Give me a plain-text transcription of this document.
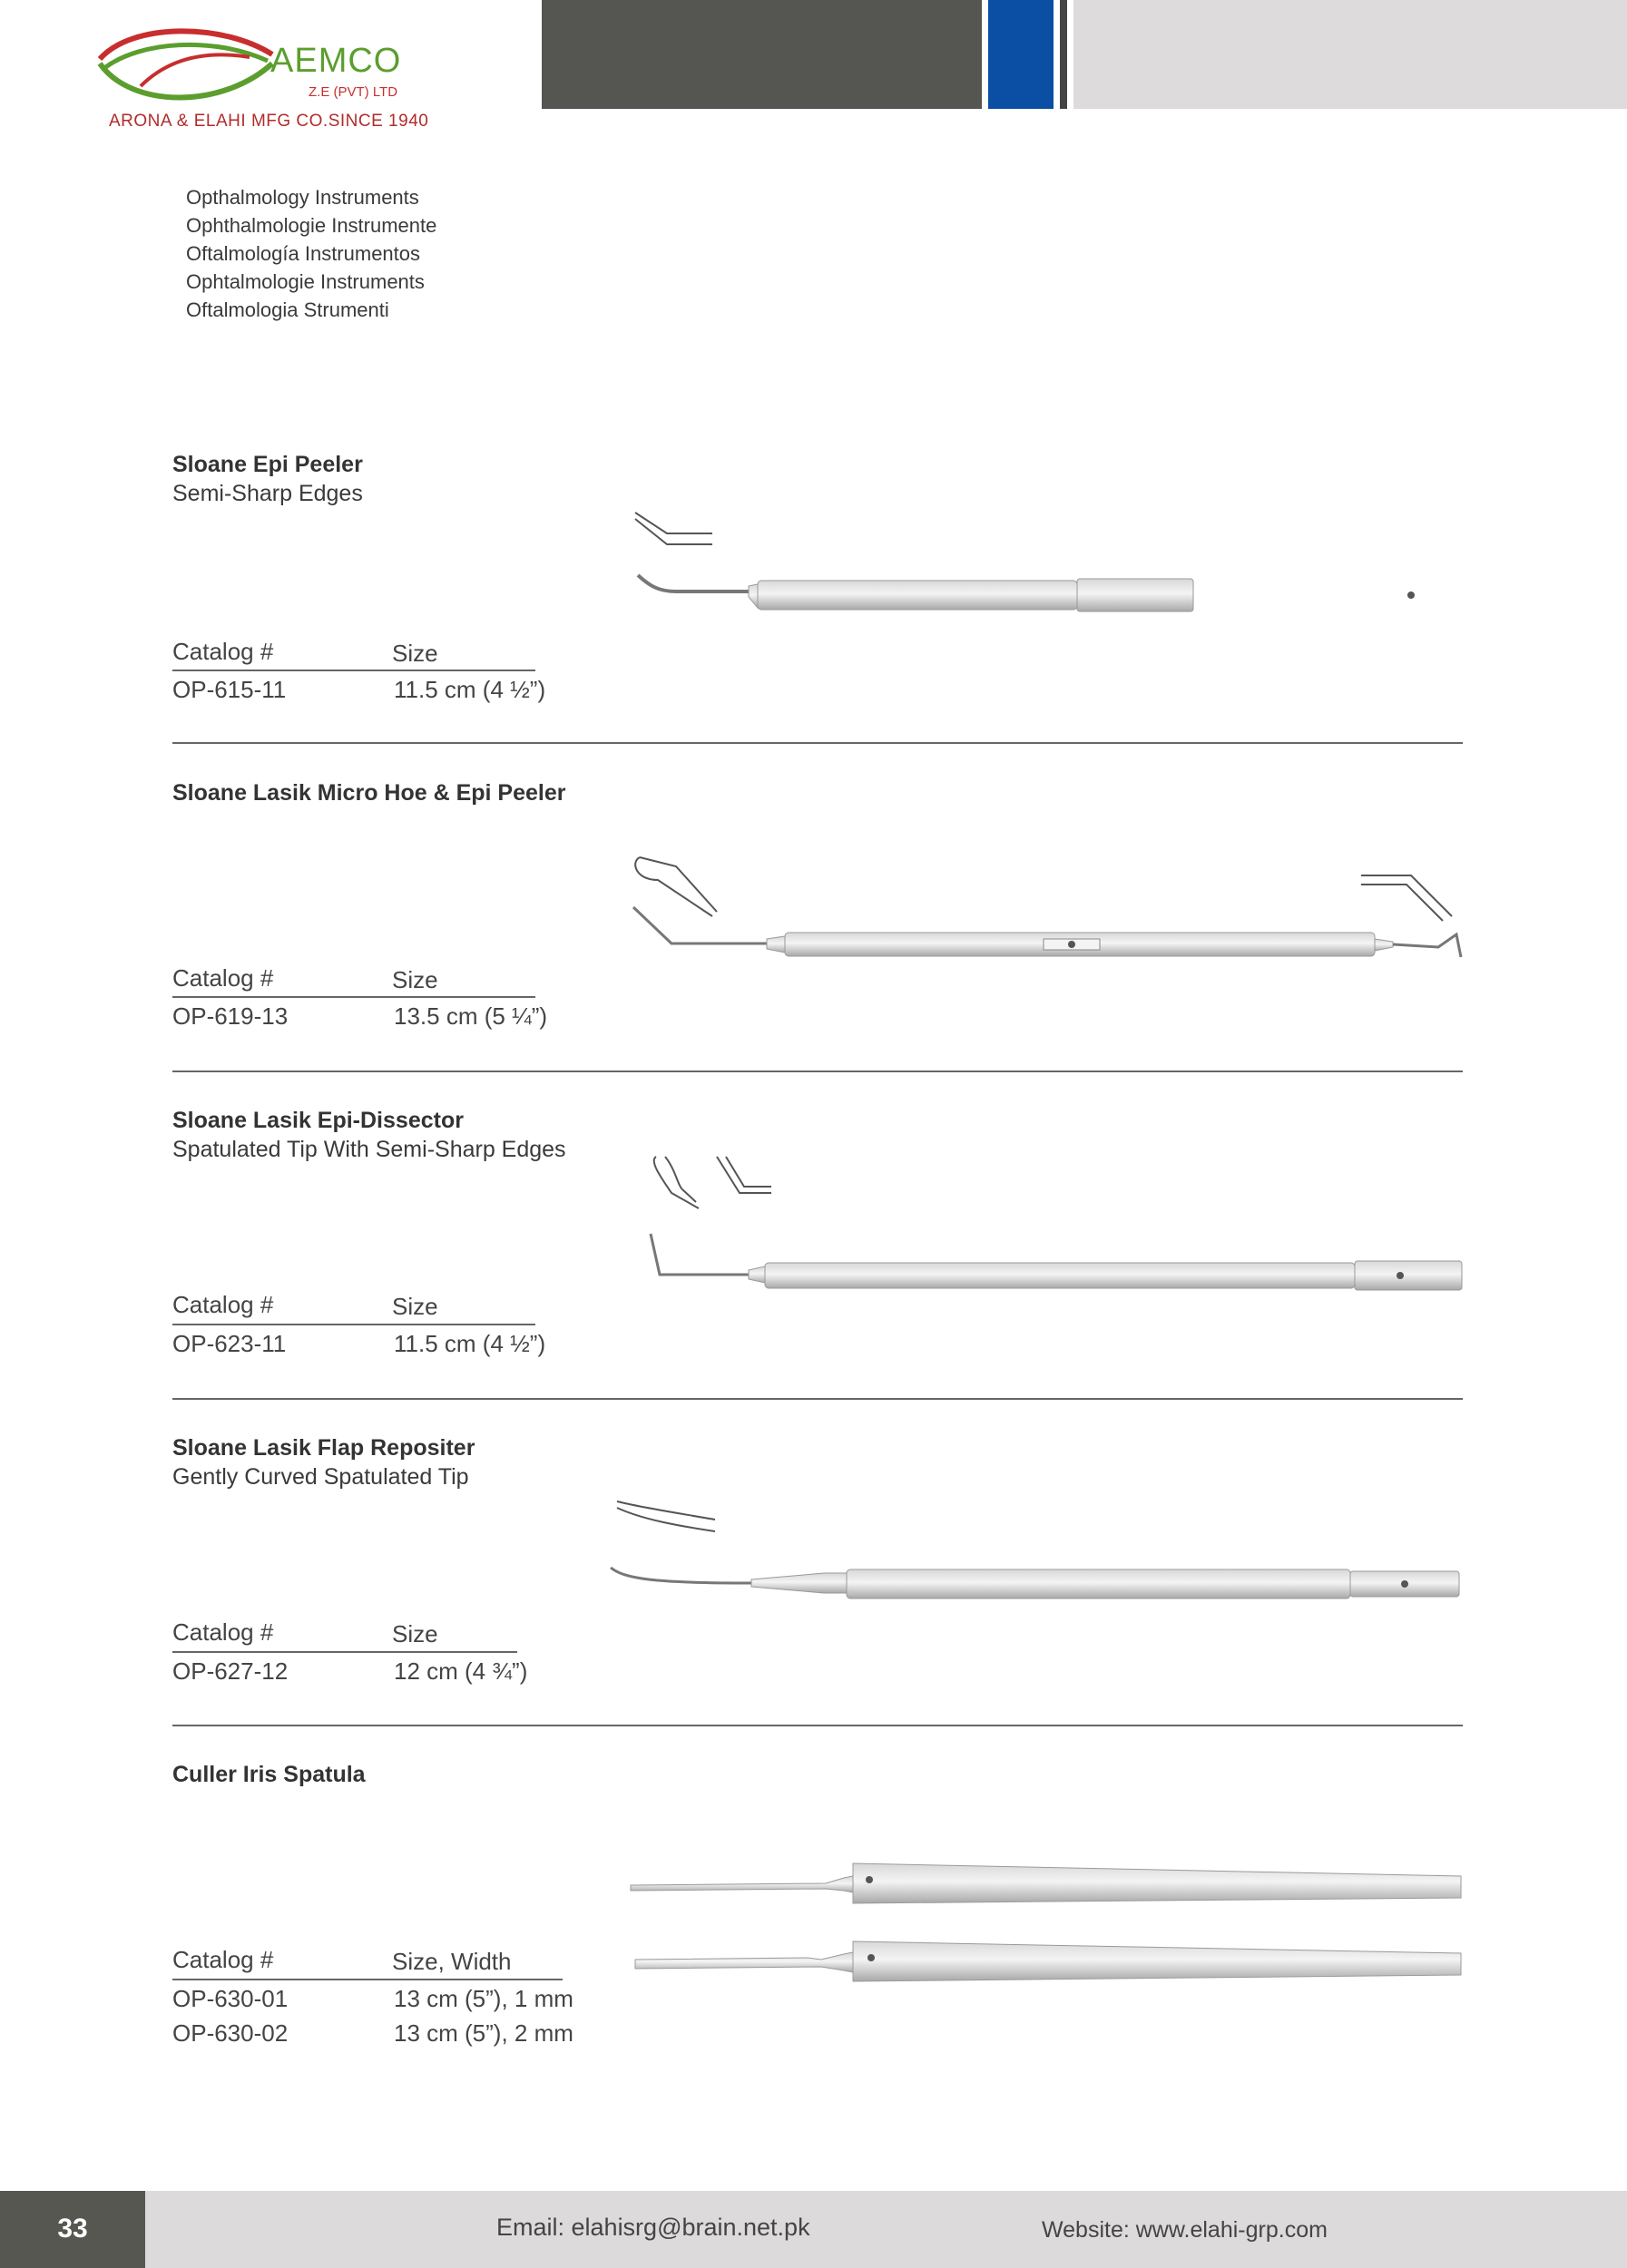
AEMCO
Z.E (PVT) LTD
ARONA & ELAHI MFG CO.SINCE 1940
Opthalmology Instruments
Ophthalmologie Instrumente
Oftalmología Instrumentos
Ophtalmologie Instruments
Oftalmologia Strumenti
Sloane Epi Peeler
Semi-Sharp Edges
Catalog #	Size
OP-615-11	11.5 cm (4 ½”)
Sloane Lasik Micro Hoe & Epi Peeler
Catalog #	Size
OP-619-13	13.5 cm (5 ¼”)
Sloane Lasik Epi-Dissector
Spatulated Tip With Semi-Sharp Edges
Catalog #	Size
OP-623-11	11.5 cm (4 ½”)
Sloane Lasik Flap Repositer
Gently Curved Spatulated Tip
Catalog #	Size
OP-627-12	12 cm (4 ¾”)
Culler Iris Spatula
Catalog #	Size, Width
OP-630-01	13 cm (5”), 1 mm
OP-630-02	13 cm (5”), 2 mm
33	Email: elahisrg@brain.net.pk	Website: www.elahi-grp.com
